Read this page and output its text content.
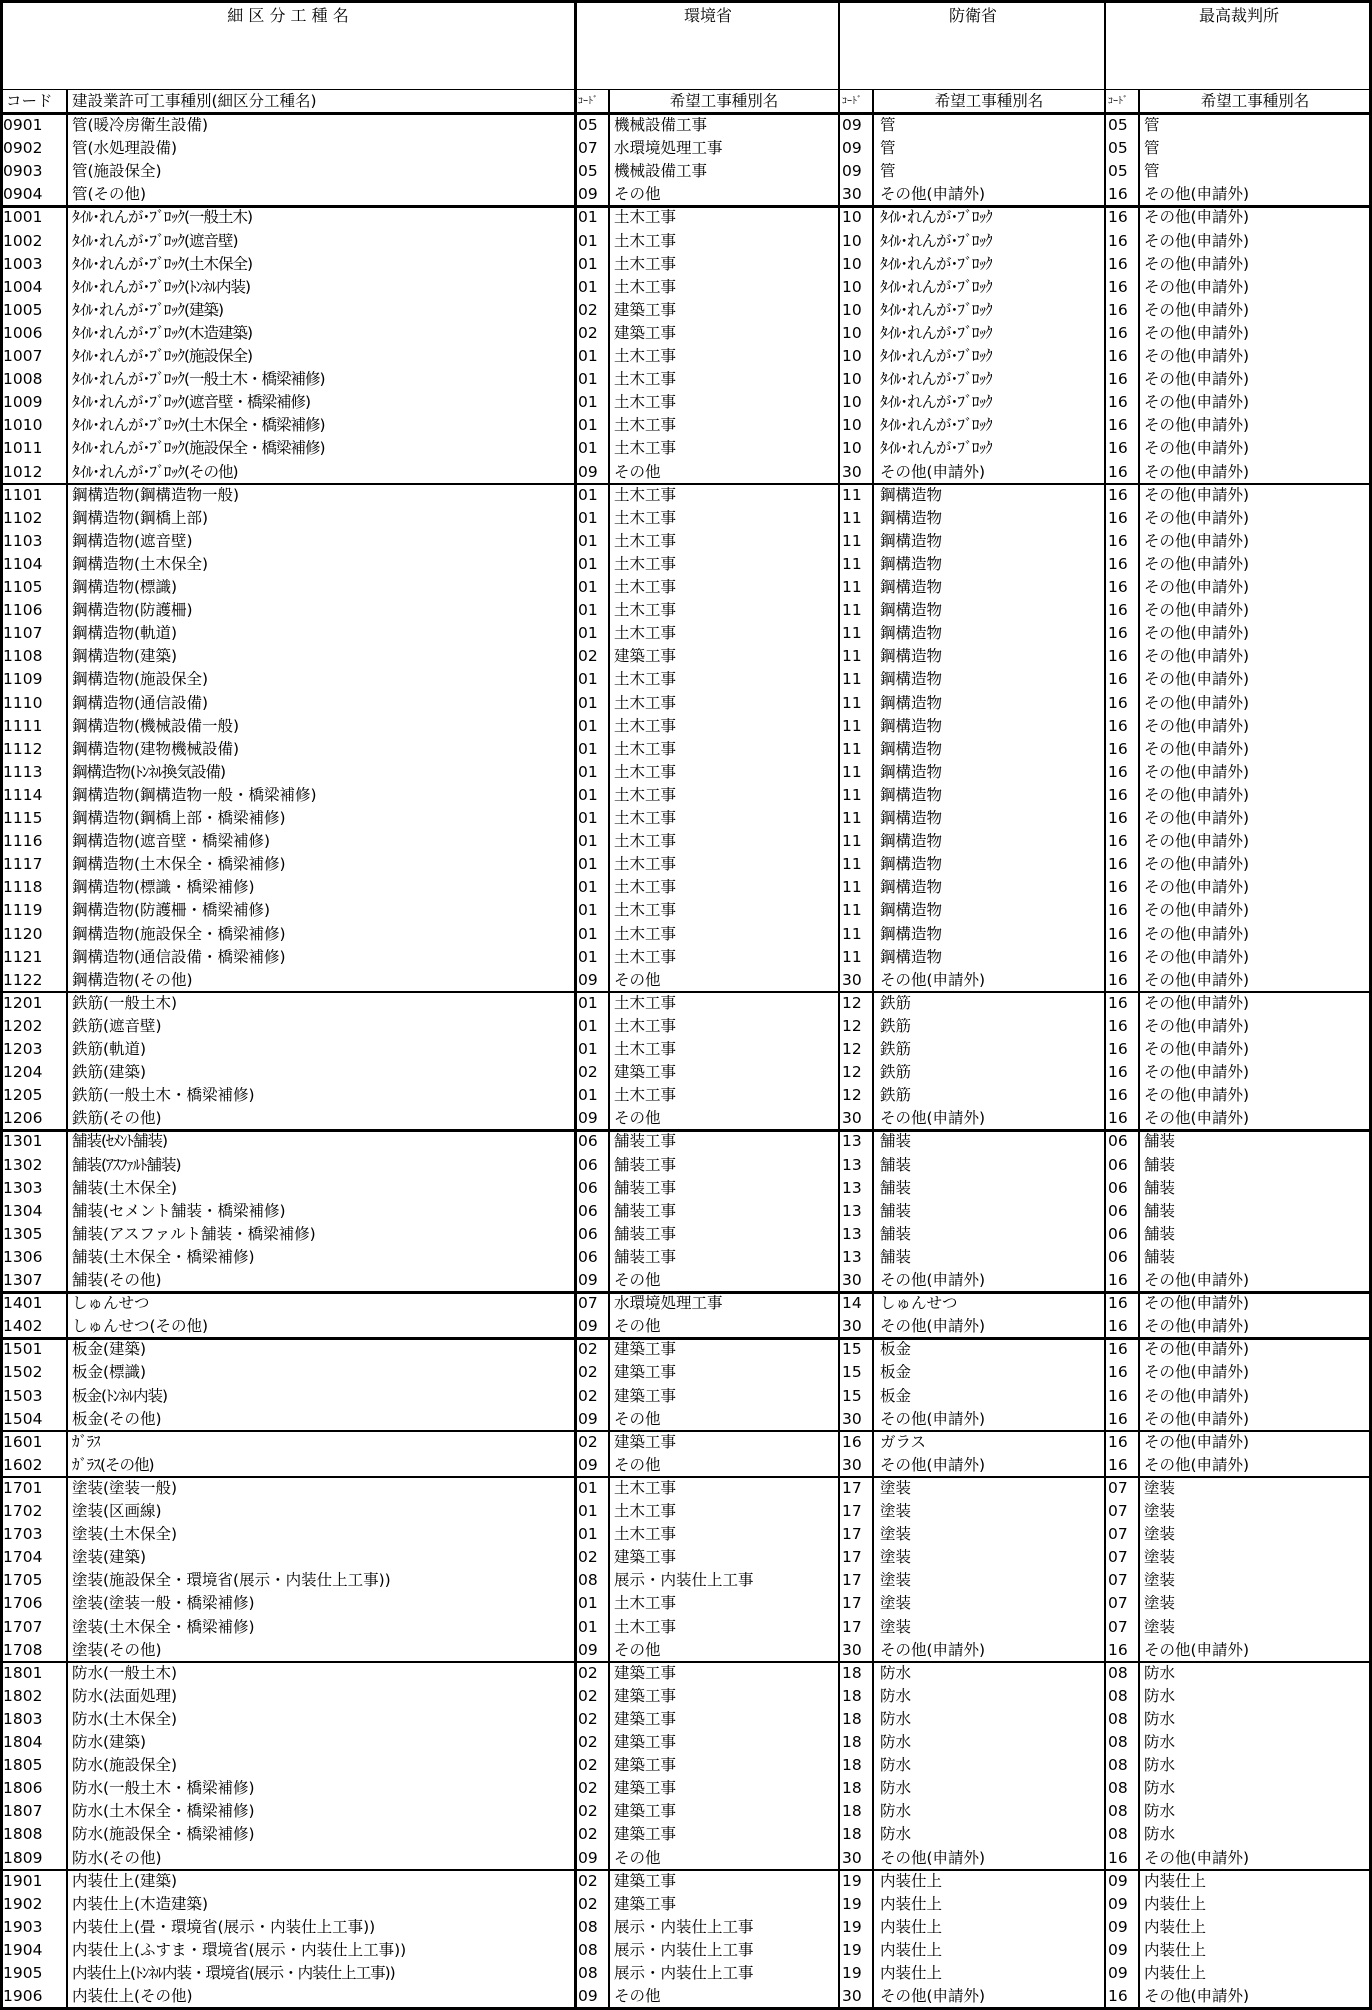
細 区 分 工 種 名	環境省	防衛省	最高裁判所
コード 建設業許可工事種別(細区分工種名)	ｺｰﾄﾞ	希望工事種別名	ｺｰﾄﾞ	希望工事種別名	ｺｰﾄﾞ	希望工事種別名
0901 管(暖冷房衛生設備)	05 機械設備工事	09 管	05 管
0902 管(水処理設備)	07 水環境処理工事	09 管	05 管
0903 管(施設保全)	05 機械設備工事	09 管	05 管
0904 管(その他)	09 その他	30 その他(申請外)	16 その他(申請外)
1001 ﾀｲﾙ･れんが･ﾌﾞﾛｯｸ(一般土木)	01 土木工事	10 ﾀｲﾙ･れんが･ﾌﾞﾛｯｸ	16 その他(申請外)
1002 ﾀｲﾙ･れんが･ﾌﾞﾛｯｸ(遮音壁)	01 土木工事	10 ﾀｲﾙ･れんが･ﾌﾞﾛｯｸ	16 その他(申請外)
1003 ﾀｲﾙ･れんが･ﾌﾞﾛｯｸ(土木保全)	01 土木工事	10 ﾀｲﾙ･れんが･ﾌﾞﾛｯｸ	16 その他(申請外)
1004 ﾀｲﾙ･れんが･ﾌﾞﾛｯｸ(ﾄﾝﾈﾙ内装)	01 土木工事	10 ﾀｲﾙ･れんが･ﾌﾞﾛｯｸ	16 その他(申請外)
1005 ﾀｲﾙ･れんが･ﾌﾞﾛｯｸ(建築)	02 建築工事	10 ﾀｲﾙ･れんが･ﾌﾞﾛｯｸ	16 その他(申請外)
1006 ﾀｲﾙ･れんが･ﾌﾞﾛｯｸ(木造建築)	02 建築工事	10 ﾀｲﾙ･れんが･ﾌﾞﾛｯｸ	16 その他(申請外)
1007 ﾀｲﾙ･れんが･ﾌﾞﾛｯｸ(施設保全)	01 土木工事	10 ﾀｲﾙ･れんが･ﾌﾞﾛｯｸ	16 その他(申請外)
1008 ﾀｲﾙ･れんが･ﾌﾞﾛｯｸ(一般土木・橋梁補修)	01 土木工事	10 ﾀｲﾙ･れんが･ﾌﾞﾛｯｸ	16 その他(申請外)
1009 ﾀｲﾙ･れんが･ﾌﾞﾛｯｸ(遮音壁・橋梁補修)	01 土木工事	10 ﾀｲﾙ･れんが･ﾌﾞﾛｯｸ	16 その他(申請外)
1010 ﾀｲﾙ･れんが･ﾌﾞﾛｯｸ(土木保全・橋梁補修)	01 土木工事	10 ﾀｲﾙ･れんが･ﾌﾞﾛｯｸ	16 その他(申請外)
1011 ﾀｲﾙ･れんが･ﾌﾞﾛｯｸ(施設保全・橋梁補修)	01 土木工事	10 ﾀｲﾙ･れんが･ﾌﾞﾛｯｸ	16 その他(申請外)
1012 ﾀｲﾙ･れんが･ﾌﾞﾛｯｸ(その他)	09 その他	30 その他(申請外)	16 その他(申請外)
1101 鋼構造物(鋼構造物一般)	01 土木工事	11 鋼構造物	16 その他(申請外)
1102 鋼構造物(鋼橋上部)	01 土木工事	11 鋼構造物	16 その他(申請外)
1103 鋼構造物(遮音壁)	01 土木工事	11 鋼構造物	16 その他(申請外)
1104 鋼構造物(土木保全)	01 土木工事	11 鋼構造物	16 その他(申請外)
1105 鋼構造物(標識)	01 土木工事	11 鋼構造物	16 その他(申請外)
1106 鋼構造物(防護柵)	01 土木工事	11 鋼構造物	16 その他(申請外)
1107 鋼構造物(軌道)	01 土木工事	11 鋼構造物	16 その他(申請外)
1108 鋼構造物(建築)	02 建築工事	11 鋼構造物	16 その他(申請外)
1109 鋼構造物(施設保全)	01 土木工事	11 鋼構造物	16 その他(申請外)
1110 鋼構造物(通信設備)	01 土木工事	11 鋼構造物	16 その他(申請外)
1111 鋼構造物(機械設備一般)	01 土木工事	11 鋼構造物	16 その他(申請外)
1112 鋼構造物(建物機械設備)	01 土木工事	11 鋼構造物	16 その他(申請外)
1113 鋼構造物(ﾄﾝﾈﾙ換気設備)	01 土木工事	11 鋼構造物	16 その他(申請外)
1114 鋼構造物(鋼構造物一般・橋梁補修)	01 土木工事	11 鋼構造物	16 その他(申請外)
1115 鋼構造物(鋼橋上部・橋梁補修)	01 土木工事	11 鋼構造物	16 その他(申請外)
1116 鋼構造物(遮音壁・橋梁補修)	01 土木工事	11 鋼構造物	16 その他(申請外)
1117 鋼構造物(土木保全・橋梁補修)	01 土木工事	11 鋼構造物	16 その他(申請外)
1118 鋼構造物(標識・橋梁補修)	01 土木工事	11 鋼構造物	16 その他(申請外)
1119 鋼構造物(防護柵・橋梁補修)	01 土木工事	11 鋼構造物	16 その他(申請外)
1120 鋼構造物(施設保全・橋梁補修)	01 土木工事	11 鋼構造物	16 その他(申請外)
1121 鋼構造物(通信設備・橋梁補修)	01 土木工事	11 鋼構造物	16 その他(申請外)
1122 鋼構造物(その他)	09 その他	30 その他(申請外)	16 その他(申請外)
1201 鉄筋(一般土木)	01 土木工事	12 鉄筋	16 その他(申請外)
1202 鉄筋(遮音壁)	01 土木工事	12 鉄筋	16 その他(申請外)
1203 鉄筋(軌道)	01 土木工事	12 鉄筋	16 その他(申請外)
1204 鉄筋(建築)	02 建築工事	12 鉄筋	16 その他(申請外)
1205 鉄筋(一般土木・橋梁補修)	01 土木工事	12 鉄筋	16 その他(申請外)
1206 鉄筋(その他)	09 その他	30 その他(申請外)	16 その他(申請外)
1301 舗装(ｾﾒﾝﾄ舗装)	06 舗装工事	13 舗装	06 舗装
1302 舗装(ｱｽﾌｧﾙﾄ舗装)	06 舗装工事	13 舗装	06 舗装
1303 舗装(土木保全)	06 舗装工事	13 舗装	06 舗装
1304 舗装(セメント舗装・橋梁補修)	06 舗装工事	13 舗装	06 舗装
1305 舗装(アスファルト舗装・橋梁補修)	06 舗装工事	13 舗装	06 舗装
1306 舗装(土木保全・橋梁補修)	06 舗装工事	13 舗装	06 舗装
1307 舗装(その他)	09 その他	30 その他(申請外)	16 その他(申請外)
1401 しゅんせつ	07 水環境処理工事	14 しゅんせつ	16 その他(申請外)
1402 しゅんせつ(その他)	09 その他	30 その他(申請外)	16 その他(申請外)
1501 板金(建築)	02 建築工事	15 板金	16 その他(申請外)
1502 板金(標識)	02 建築工事	15 板金	16 その他(申請外)
1503 板金(ﾄﾝﾈﾙ内装)	02 建築工事	15 板金	16 その他(申請外)
1504 板金(その他)	09 その他	30 その他(申請外)	16 その他(申請外)
1601 ｶﾞﾗｽ	02 建築工事	16 ガラス	16 その他(申請外)
1602 ｶﾞﾗｽ(その他)	09 その他	30 その他(申請外)	16 その他(申請外)
1701 塗装(塗装一般)	01 土木工事	17 塗装	07 塗装
1702 塗装(区画線)	01 土木工事	17 塗装	07 塗装
1703 塗装(土木保全)	01 土木工事	17 塗装	07 塗装
1704 塗装(建築)	02 建築工事	17 塗装	07 塗装
1705 塗装(施設保全・環境省(展示・内装仕上工事))	08 展示・内装仕上工事	17 塗装	07 塗装
1706 塗装(塗装一般・橋梁補修)	01 土木工事	17 塗装	07 塗装
1707 塗装(土木保全・橋梁補修)	01 土木工事	17 塗装	07 塗装
1708 塗装(その他)	09 その他	30 その他(申請外)	16 その他(申請外)
1801 防水(一般土木)	02 建築工事	18 防水	08 防水
1802 防水(法面処理)	02 建築工事	18 防水	08 防水
1803 防水(土木保全)	02 建築工事	18 防水	08 防水
1804 防水(建築)	02 建築工事	18 防水	08 防水
1805 防水(施設保全)	02 建築工事	18 防水	08 防水
1806 防水(一般土木・橋梁補修)	02 建築工事	18 防水	08 防水
1807 防水(土木保全・橋梁補修)	02 建築工事	18 防水	08 防水
1808 防水(施設保全・橋梁補修)	02 建築工事	18 防水	08 防水
1809 防水(その他)	09 その他	30 その他(申請外)	16 その他(申請外)
1901 内装仕上(建築)	02 建築工事	19 内装仕上	09 内装仕上
1902 内装仕上(木造建築)	02 建築工事	19 内装仕上	09 内装仕上
1903 内装仕上(畳・環境省(展示・内装仕上工事))	08 展示・内装仕上工事	19 内装仕上	09 内装仕上
1904 内装仕上(ふすま・環境省(展示・内装仕上工事))	08 展示・内装仕上工事	19 内装仕上	09 内装仕上
1905 内装仕上(ﾄﾝﾈﾙ内装・環境省(展示・内装仕上工事))	08 展示・内装仕上工事	19 内装仕上	09 内装仕上
1906 内装仕上(その他)	09 その他	30 その他(申請外)	16 その他(申請外)
